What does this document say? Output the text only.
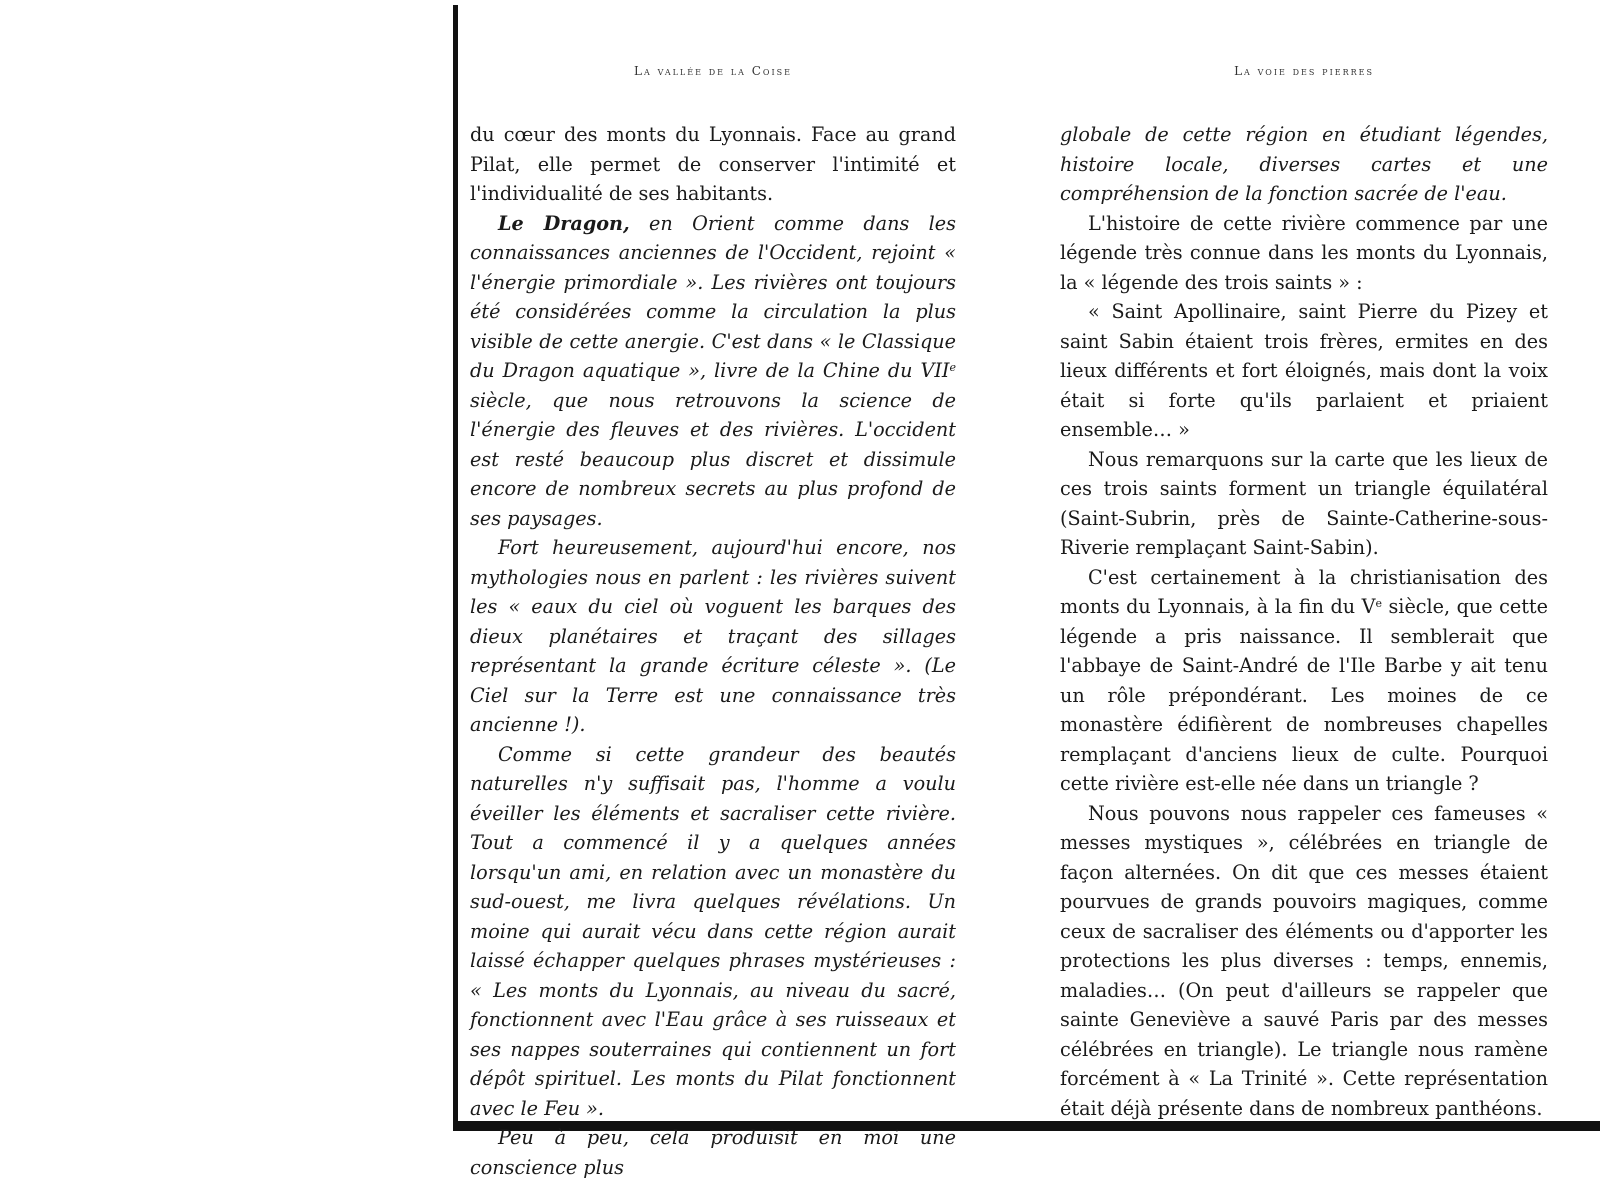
La vallée de la Coise

du cœur des monts du Lyonnais. Face au grand Pilat, elle permet de conserver l'intimité et l'individualité de ses habitants.

Le Dragon, en Orient comme dans les connaissances anciennes de l'Occident, rejoint « l'énergie primordiale ». Les rivières ont toujours été considérées comme la circulation la plus visible de cette anergie. C'est dans « le Classique du Dragon aquatique », livre de la Chine du VIIe siècle, que nous retrouvons la science de l'énergie des fleuves et des rivières. L'occident est resté beaucoup plus discret et dissimule encore de nombreux secrets au plus profond de ses paysages.

Fort heureusement, aujourd'hui encore, nos mythologies nous en parlent : les rivières suivent les « eaux du ciel où voguent les barques des dieux planétaires et traçant des sillages représentant la grande écriture céleste ». (Le Ciel sur la Terre est une connaissance très ancienne !).

Comme si cette grandeur des beautés naturelles n'y suffisait pas, l'homme a voulu éveiller les éléments et sacraliser cette rivière. Tout a commencé il y a quelques années lorsqu'un ami, en relation avec un monastère du sud-ouest, me livra quelques révélations. Un moine qui aurait vécu dans cette région aurait laissé échapper quelques phrases mystérieuses : « Les monts du Lyonnais, au niveau du sacré, fonctionnent avec l'Eau grâce à ses ruisseaux et ses nappes souterraines qui contiennent un fort dépôt spirituel. Les monts du Pilat fonctionnent avec le Feu ».

Peu à peu, cela produisit en moi une conscience plus

La voie des pierres

globale de cette région en étudiant légendes, histoire locale, diverses cartes et une compréhension de la fonction sacrée de l'eau.

L'histoire de cette rivière commence par une légende très connue dans les monts du Lyonnais, la « légende des trois saints » :

« Saint Apollinaire, saint Pierre du Pizey et saint Sabin étaient trois frères, ermites en des lieux différents et fort éloignés, mais dont la voix était si forte qu'ils parlaient et priaient ensemble… »

Nous remarquons sur la carte que les lieux de ces trois saints forment un triangle équilatéral (Saint-Subrin, près de Sainte-Catherine-sous-Riverie remplaçant Saint-Sabin).

C'est certainement à la christianisation des monts du Lyonnais, à la fin du Ve siècle, que cette légende a pris naissance. Il semblerait que l'abbaye de Saint-André de l'Ile Barbe y ait tenu un rôle prépondérant. Les moines de ce monastère édifièrent de nombreuses chapelles remplaçant d'anciens lieux de culte. Pourquoi cette rivière est-elle née dans un triangle ?

Nous pouvons nous rappeler ces fameuses « messes mystiques », célébrées en triangle de façon alternées. On dit que ces messes étaient pourvues de grands pouvoirs magiques, comme ceux de sacraliser des éléments ou d'apporter les protections les plus diverses : temps, ennemis, maladies… (On peut d'ailleurs se rappeler que sainte Geneviève a sauvé Paris par des messes célébrées en triangle). Le triangle nous ramène forcément à « La Trinité ». Cette représentation était déjà présente dans de nombreux panthéons.
